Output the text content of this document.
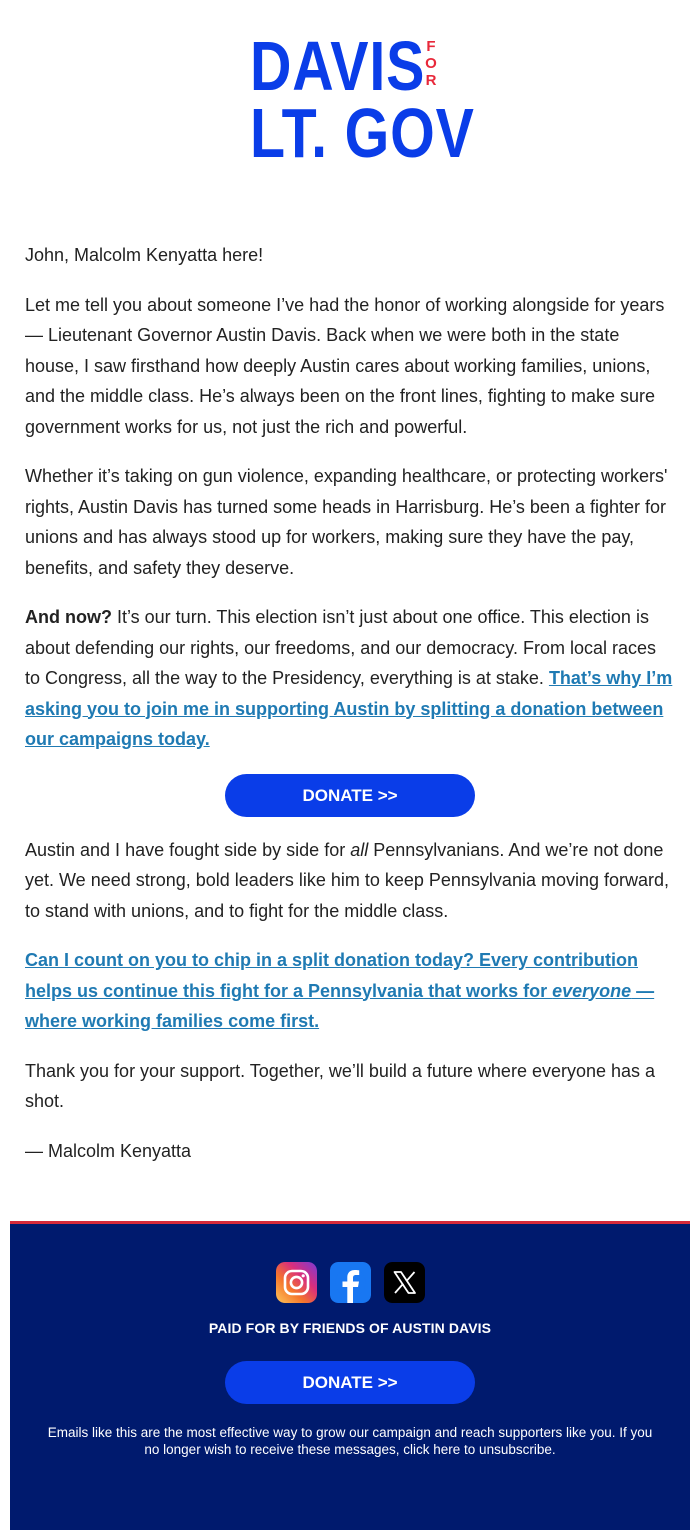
DAVIS F
O
R
LT. GOV

John, Malcolm Kenyatta here!

Let me tell you about someone I’ve had the honor of working alongside for years — Lieutenant Governor Austin Davis. Back when we were both in the state house, I saw firsthand how deeply Austin cares about working families, unions, and the middle class. He’s always been on the front lines, fighting to make sure government works for us, not just the rich and powerful.

Whether it’s taking on gun violence, expanding healthcare, or protecting workers' rights, Austin Davis has turned some heads in Harrisburg. He’s been a fighter for unions and has always stood up for workers, making sure they have the pay, benefits, and safety they deserve.

And now? It’s our turn. This election isn’t just about one office. This election is about defending our rights, our freedoms, and our democracy. From local races to Congress, all the way to the Presidency, everything is at stake. That’s why I’m asking you to join me in supporting Austin by splitting a donation between our campaigns today.

DONATE >>

Austin and I have fought side by side for all Pennsylvanians. And we’re not done yet. We need strong, bold leaders like him to keep Pennsylvania moving forward, to stand with unions, and to fight for the middle class.

Can I count on you to chip in a split donation today? Every contribution helps us continue this fight for a Pennsylvania that works for everyone — where working families come first.

Thank you for your support. Together, we’ll build a future where everyone has a shot.

— Malcolm Kenyatta

PAID FOR BY FRIENDS OF AUSTIN DAVIS
DONATE >>
Emails like this are the most effective way to grow our campaign and reach supporters like you. If you no longer wish to receive these messages, click here to unsubscribe.
